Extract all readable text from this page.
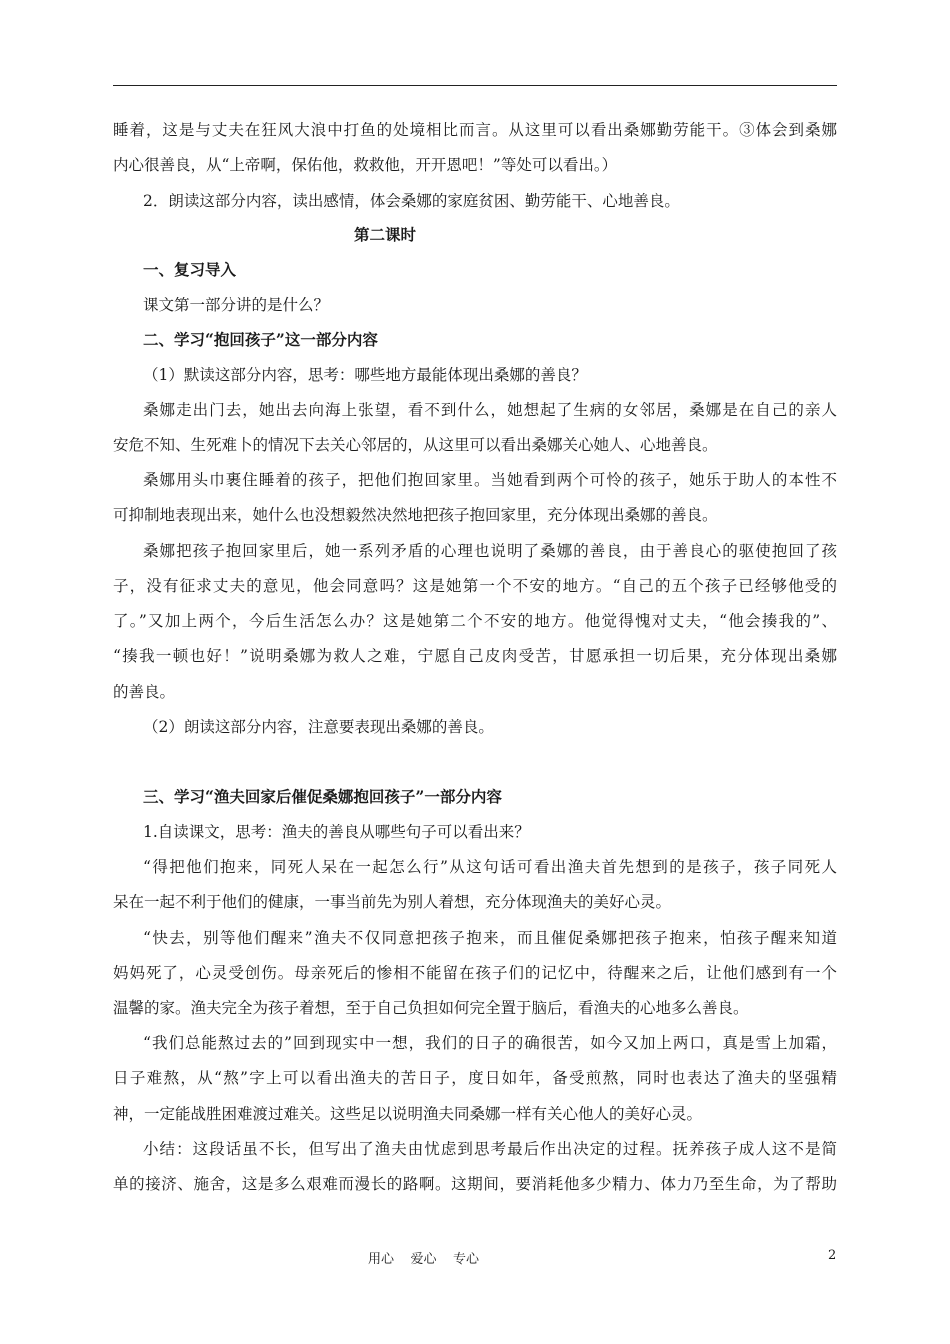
睡着，这是与丈夫在狂风大浪中打鱼的处境相比而言。从这里可以看出桑娜勤劳能干。③体会到桑娜
内心很善良，从“上帝啊，保佑他，救救他，开开恩吧！”等处可以看出。）
2．朗读这部分内容，读出感情，体会桑娜的家庭贫困、勤劳能干、心地善良。
第二课时
一、复习导入
课文第一部分讲的是什么？
二、学习“抱回孩子”这一部分内容
（1）默读这部分内容，思考：哪些地方最能体现出桑娜的善良？
桑娜走出门去，她出去向海上张望，看不到什么，她想起了生病的女邻居，桑娜是在自己的亲人
安危不知、生死难卜的情况下去关心邻居的，从这里可以看出桑娜关心她人、心地善良。
桑娜用头巾裹住睡着的孩子，把他们抱回家里。当她看到两个可怜的孩子，她乐于助人的本性不
可抑制地表现出来，她什么也没想毅然决然地把孩子抱回家里，充分体现出桑娜的善良。
桑娜把孩子抱回家里后，她一系列矛盾的心理也说明了桑娜的善良，由于善良心的驱使抱回了孩
子，没有征求丈夫的意见，他会同意吗？这是她第一个不安的地方。“自己的五个孩子已经够他受的
了。”又加上两个，今后生活怎么办？这是她第二个不安的地方。他觉得愧对丈夫，“他会揍我的”、
“揍我一顿也好！”说明桑娜为救人之难，宁愿自己皮肉受苦，甘愿承担一切后果，充分体现出桑娜
的善良。
（2）朗读这部分内容，注意要表现出桑娜的善良。
三、学习“渔夫回家后催促桑娜抱回孩子”一部分内容
1.自读课文，思考：渔夫的善良从哪些句子可以看出来？
“得把他们抱来，同死人呆在一起怎么行”从这句话可看出渔夫首先想到的是孩子，孩子同死人
呆在一起不利于他们的健康，一事当前先为别人着想，充分体现渔夫的美好心灵。
“快去，别等他们醒来”渔夫不仅同意把孩子抱来，而且催促桑娜把孩子抱来，怕孩子醒来知道
妈妈死了，心灵受创伤。母亲死后的惨相不能留在孩子们的记忆中，待醒来之后，让他们感到有一个
温馨的家。渔夫完全为孩子着想，至于自己负担如何完全置于脑后，看渔夫的心地多么善良。
“我们总能熬过去的”回到现实中一想，我们的日子的确很苦，如今又加上两口，真是雪上加霜，
日子难熬，从“熬”字上可以看出渔夫的苦日子，度日如年，备受煎熬，同时也表达了渔夫的坚强精
神，一定能战胜困难渡过难关。这些足以说明渔夫同桑娜一样有关心他人的美好心灵。
小结：这段话虽不长，但写出了渔夫由忧虑到思考最后作出决定的过程。抚养孩子成人这不是简
单的接济、施舍，这是多么艰难而漫长的路啊。这期间，要消耗他多少精力、体力乃至生命，为了帮助
用心    爱心    专心	2
